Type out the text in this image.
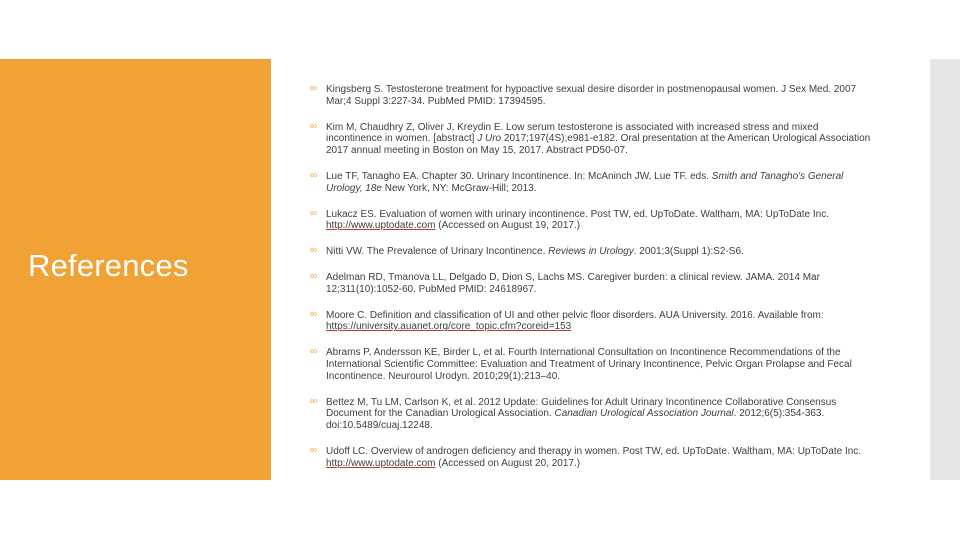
References
∞ Kingsberg S. Testosterone treatment for hypoactive sexual desire disorder in postmenopausal women. J Sex Med. 2007 Mar;4 Suppl 3:227-34. PubMed PMID: 17394595.
∞ Kim M, Chaudhry Z, Oliver J, Kreydin E. Low serum testosterone is associated with increased stress and mixed incontinence in women. [abstract] J Uro 2017;197(4S);e981-e182. Oral presentation at the American Urological Association 2017 annual meeting in Boston on May 15, 2017. Abstract PD50-07.
∞ Lue TF, Tanagho EA. Chapter 30. Urinary Incontinence. In: McAninch JW, Lue TF. eds. Smith and Tanagho's General Urology, 18e New York, NY: McGraw-Hill; 2013.
∞ Lukacz ES. Evaluation of women with urinary incontinence. Post TW, ed. UpToDate. Waltham, MA: UpToDate Inc. http://www.uptodate.com (Accessed on August 19, 2017.)
∞ Nitti VW. The Prevalence of Urinary Incontinence. Reviews in Urology. 2001;3(Suppl 1):S2-S6.
∞ Adelman RD, Tmanova LL, Delgado D, Dion S, Lachs MS. Caregiver burden: a clinical review. JAMA. 2014 Mar 12;311(10):1052-60. PubMed PMID: 24618967.
∞ Moore C. Definition and classification of UI and other pelvic floor disorders. AUA University. 2016. Available from: https://university.auanet.org/core_topic.cfm?coreid=153
∞ Abrams P, Andersson KE, Birder L, et al. Fourth International Consultation on Incontinence Recommendations of the International Scientific Committee: Evaluation and Treatment of Urinary Incontinence, Pelvic Organ Prolapse and Fecal Incontinence. Neurourol Urodyn. 2010;29(1):213–40.
∞ Bettez M, Tu LM, Carlson K, et al. 2012 Update: Guidelines for Adult Urinary Incontinence Collaborative Consensus Document for the Canadian Urological Association. Canadian Urological Association Journal. 2012;6(5):354-363. doi:10.5489/cuaj.12248.
∞ Udoff LC. Overview of androgen deficiency and therapy in women. Post TW, ed. UpToDate. Waltham, MA: UpToDate Inc. http://www.uptodate.com (Accessed on August 20, 2017.)
